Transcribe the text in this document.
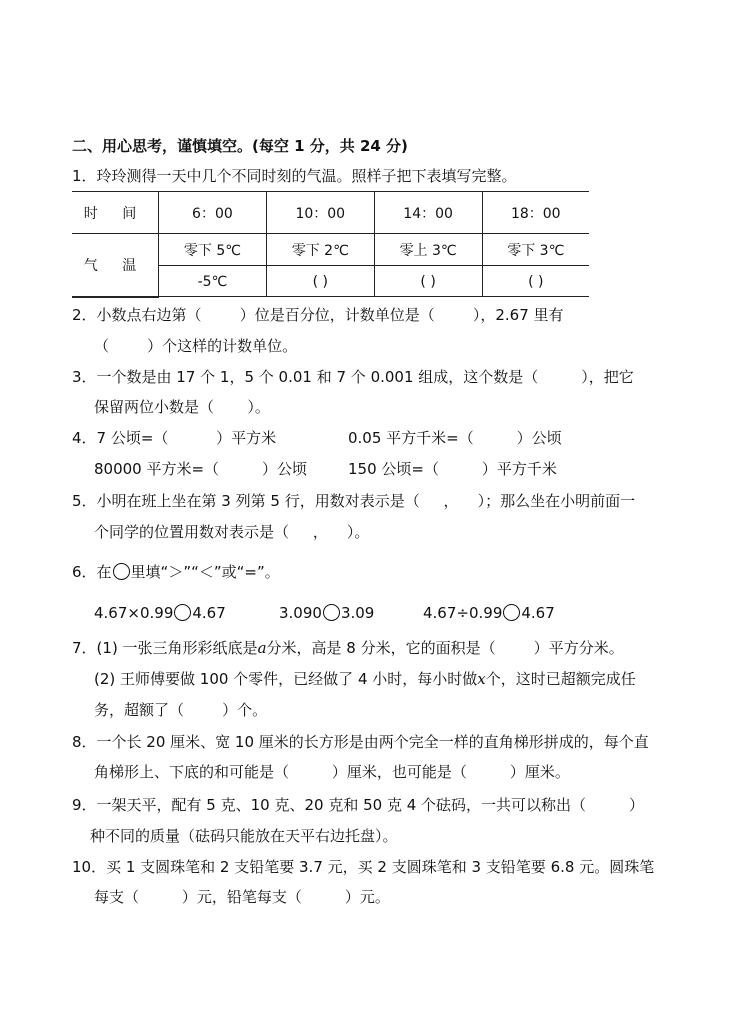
二、用心思考，谨慎填空。(每空 1 分，共 24 分)
1．玲玲测得一天中几个不同时刻的气温。照样子把下表填写完整。
时 间	6：00	10：00	14：00	18：00
气 温	零下 5℃	零下 2℃	零上 3℃	零下 3℃
	-5℃	( )	( )	( )
2．小数点右边第（        ）位是百分位，计数单位是（        ），2.67 里有
（        ）个这样的计数单位。
3．一个数是由 17 个 1，5 个 0.01 和 7 个 0.001 组成，这个数是（         ），把它
保留两位小数是（       ）。
4．7 公顷=（          ）平方米	0.05 平方千米=（         ）公顷
80000 平方米=（         ）公顷	150 公顷=（         ）平方千米
5．小明在班上坐在第 3 列第 5 行，用数对表示是（     ，    ）；那么坐在小明前面一
个同学的位置用数对表示是（     ，    ）。
6．在 里填“＞”“＜”或“=”。
4.67×0.99 4.67	3.090 3.09	4.67÷0.99 4.67
7．(1) 一张三角形彩纸底是a分米，高是 8 分米，它的面积是（        ）平方分米。
(2) 王师傅要做 100 个零件，已经做了 4 小时，每小时做x个，这时已超额完成任
务，超额了（        ）个。
8．一个长 20 厘米、宽 10 厘米的长方形是由两个完全一样的直角梯形拼成的，每个直
角梯形上、下底的和可能是（         ）厘米，也可能是（         ）厘米。
9．一架天平，配有 5 克、10 克、20 克和 50 克 4 个砝码，一共可以称出（         ）
种不同的质量（砝码只能放在天平右边托盘）。
10．买 1 支圆珠笔和 2 支铅笔要 3.7 元，买 2 支圆珠笔和 3 支铅笔要 6.8 元。圆珠笔
每支（         ）元，铅笔每支（         ）元。
